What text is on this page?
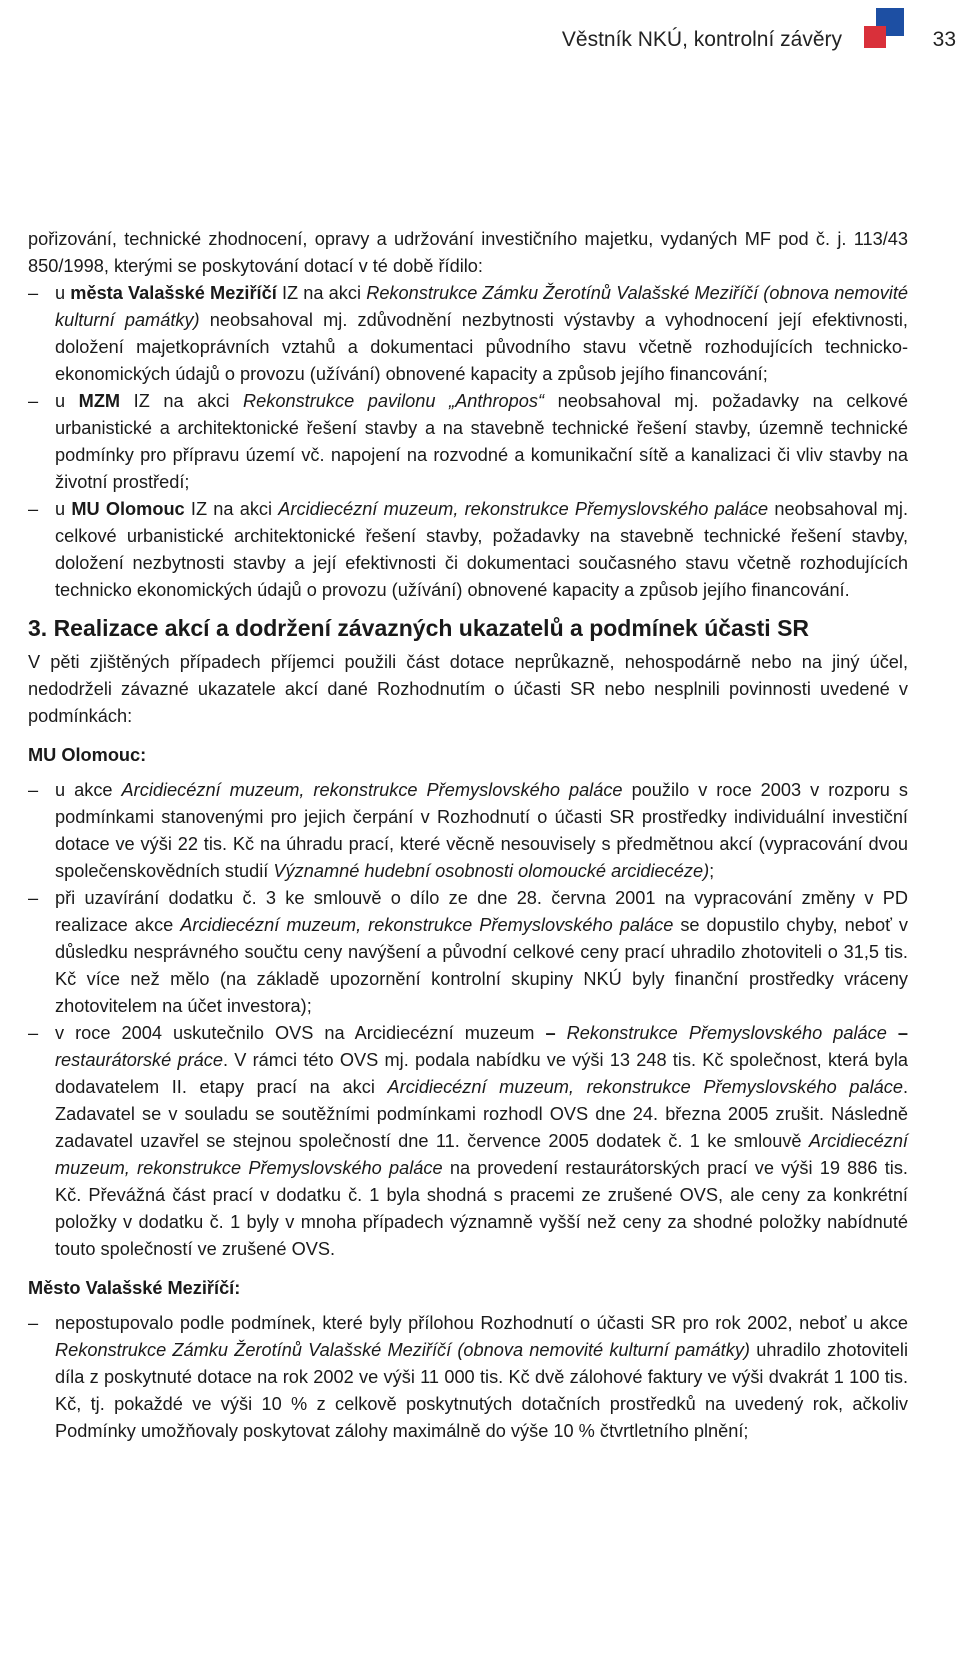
Věstník NKÚ, kontrolní závěry	33

pořizování, technické zhodnocení, opravy a udržování investičního majetku, vydaných MF pod č. j. 113/43 850/1998, kterými se poskytování dotací v té době řídilo:

– u města Valašské Meziříčí IZ na akci Rekonstrukce Zámku Žerotínů Valašské Meziříčí (obnova nemovité kulturní památky) neobsahoval mj. zdůvodnění nezbytnosti výstavby a vyhodnocení její efektivnosti, doložení majetkoprávních vztahů a dokumentaci původního stavu včetně rozhodujících technicko-ekonomických údajů o provozu (užívání) obnovené kapacity a způsob jejího financování;
– u MZM IZ na akci Rekonstrukce pavilonu „Anthropos“ neobsahoval mj. požadavky na celkové urbanistické a architektonické řešení stavby a na stavebně technické řešení stavby, územně technické podmínky pro přípravu území vč. napojení na rozvodné a komunikační sítě a kanalizaci či vliv stavby na životní prostředí;
– u MU Olomouc IZ na akci Arcidiecézní muzeum, rekonstrukce Přemyslovského paláce neobsahoval mj. celkové urbanistické architektonické řešení stavby, požadavky na stavebně technické řešení stavby, doložení nezbytnosti stavby a její efektivnosti či dokumentaci současného stavu včetně rozhodujících technicko ekonomických údajů o provozu (užívání) obnovené kapacity a způsob jejího financování.
3. Realizace akcí a dodržení závazných ukazatelů a podmínek účasti SR

V pěti zjištěných případech příjemci použili část dotace neprůkazně, nehospodárně nebo na jiný účel, nedodrželi závazné ukazatele akcí dané Rozhodnutím o účasti SR nebo nesplnili povinnosti uvedené v podmínkách:

MU Olomouc:

– u akce Arcidiecézní muzeum, rekonstrukce Přemyslovského paláce použilo v roce 2003 v rozporu s podmínkami stanovenými pro jejich čerpání v Rozhodnutí o účasti SR prostředky individuální investiční dotace ve výši 22 tis. Kč na úhradu prací, které věcně nesouvisely s předmětnou akcí (vypracování dvou společenskovědních studií Významné hudební osobnosti olomoucké arcidiecéze);
– při uzavírání dodatku č. 3 ke smlouvě o dílo ze dne 28. června 2001 na vypracování změny v PD realizace akce Arcidiecézní muzeum, rekonstrukce Přemyslovského paláce se dopustilo chyby, neboť v důsledku nesprávného součtu ceny navýšení a původní celkové ceny prací uhradilo zhotoviteli o 31,5 tis. Kč více než mělo (na základě upozornění kontrolní skupiny NKÚ byly finanční prostředky vráceny zhotovitelem na účet investora);
– v roce 2004 uskutečnilo OVS na Arcidiecézní muzeum – Rekonstrukce Přemyslovského paláce – restaurátorské práce. V rámci této OVS mj. podala nabídku ve výši 13 248 tis. Kč společnost, která byla dodavatelem II. etapy prací na akci Arcidiecézní muzeum, rekonstrukce Přemyslovského paláce. Zadavatel se v souladu se soutěžními podmínkami rozhodl OVS dne 24. března 2005 zrušit. Následně zadavatel uzavřel se stejnou společností dne 11. července 2005 dodatek č. 1 ke smlouvě Arcidiecézní muzeum, rekonstrukce Přemyslovského paláce na provedení restaurátorských prací ve výši 19 886 tis. Kč. Převážná část prací v dodatku č. 1 byla shodná s pracemi ze zrušené OVS, ale ceny za konkrétní položky v dodatku č. 1 byly v mnoha případech významně vyšší než ceny za shodné položky nabídnuté touto společností ve zrušené OVS.

Město Valašské Meziříčí:

– nepostupovalo podle podmínek, které byly přílohou Rozhodnutí o účasti SR pro rok 2002, neboť u akce Rekonstrukce Zámku Žerotínů Valašské Meziříčí (obnova nemovité kulturní památky) uhradilo zhotoviteli díla z poskytnuté dotace na rok 2002 ve výši 11 000 tis. Kč dvě zálohové faktury ve výši dvakrát 1 100 tis. Kč, tj. pokaždé ve výši 10 % z celkově poskytnutých dotačních prostředků na uvedený rok, ačkoliv Podmínky umožňovaly poskytovat zálohy maximálně do výše 10 % čtvrtletního plnění;
